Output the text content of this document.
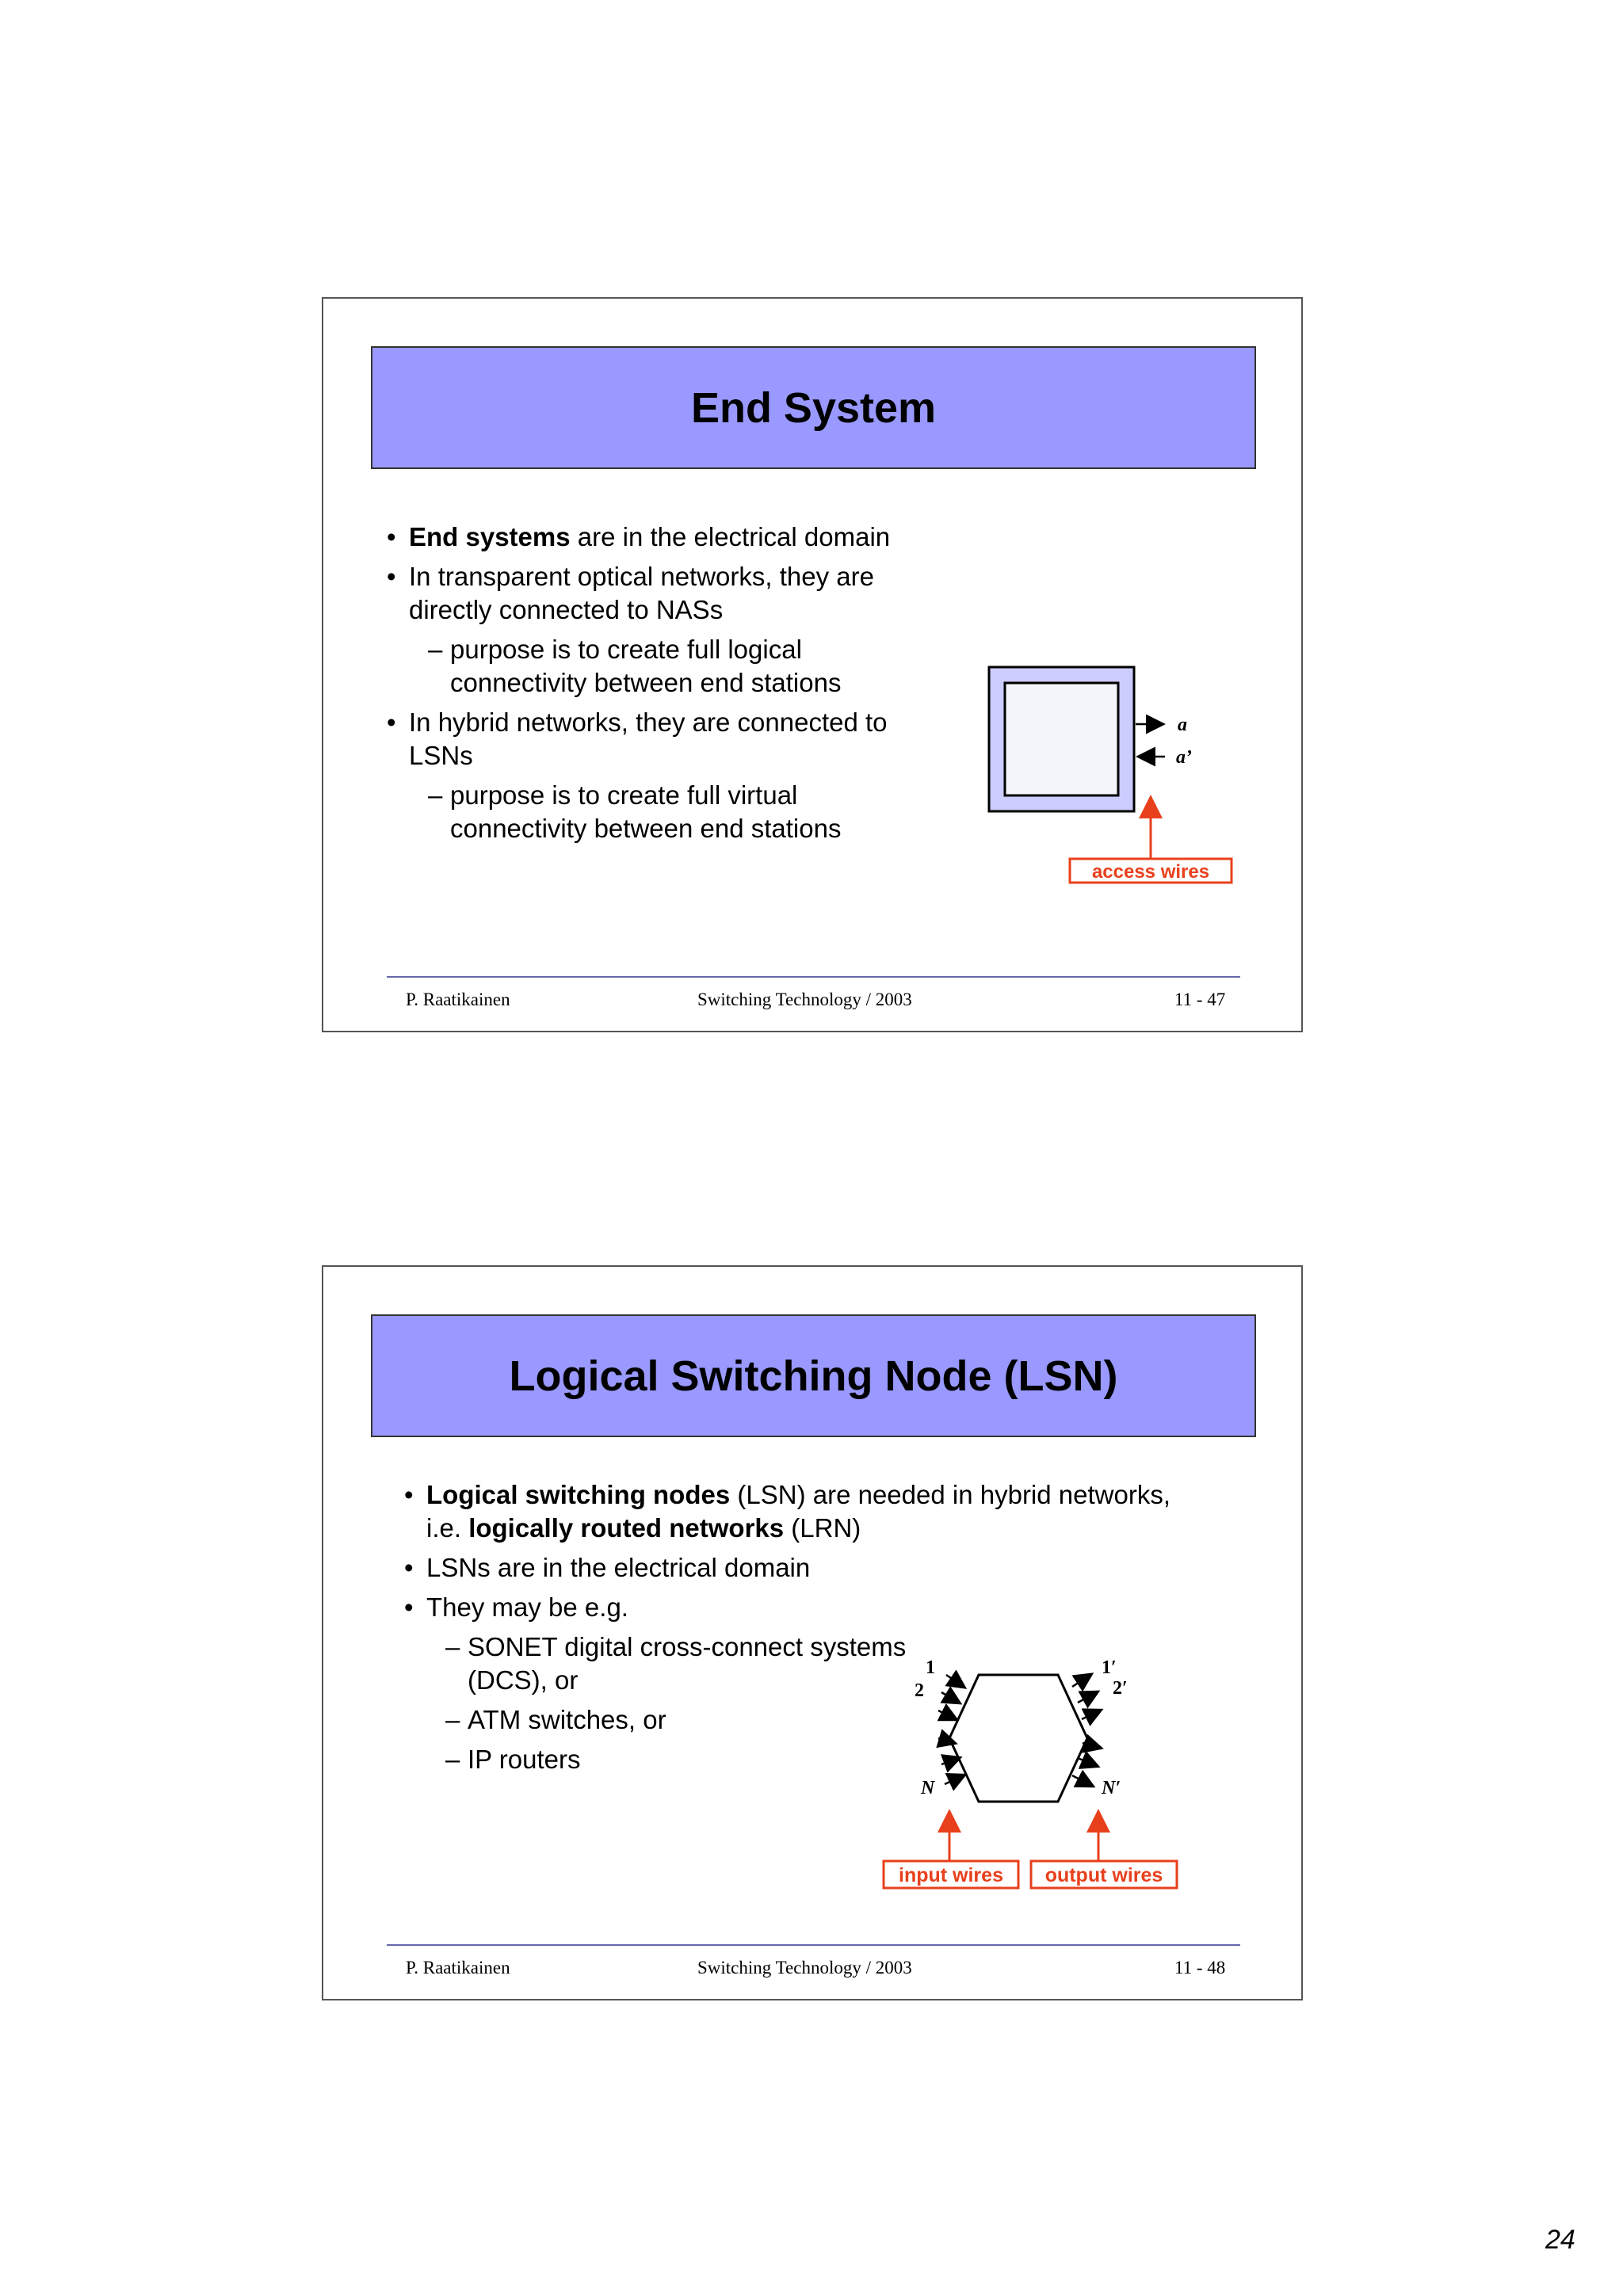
End System
• End systems are in the electrical domain
• In transparent optical networks, they are
directly connected to NASs
– purpose is to create full logical
connectivity between end stations
• In hybrid networks, they are connected to
LSNs
– purpose is to create full virtual
connectivity between end stations
a
a’
access wires
P. Raatikainen	Switching Technology / 2003	11 - 47
Logical Switching Node (LSN)
• Logical switching nodes (LSN) are needed in hybrid networks,
i.e. logically routed networks (LRN)
• LSNs are in the electrical domain
• They may be e.g.
– SONET digital cross-connect systems
(DCS), or
– ATM switches, or
– IP routers
1
2
N
1′
2′
N′
input wires output wires
P. Raatikainen	Switching Technology / 2003	11 - 48
24
